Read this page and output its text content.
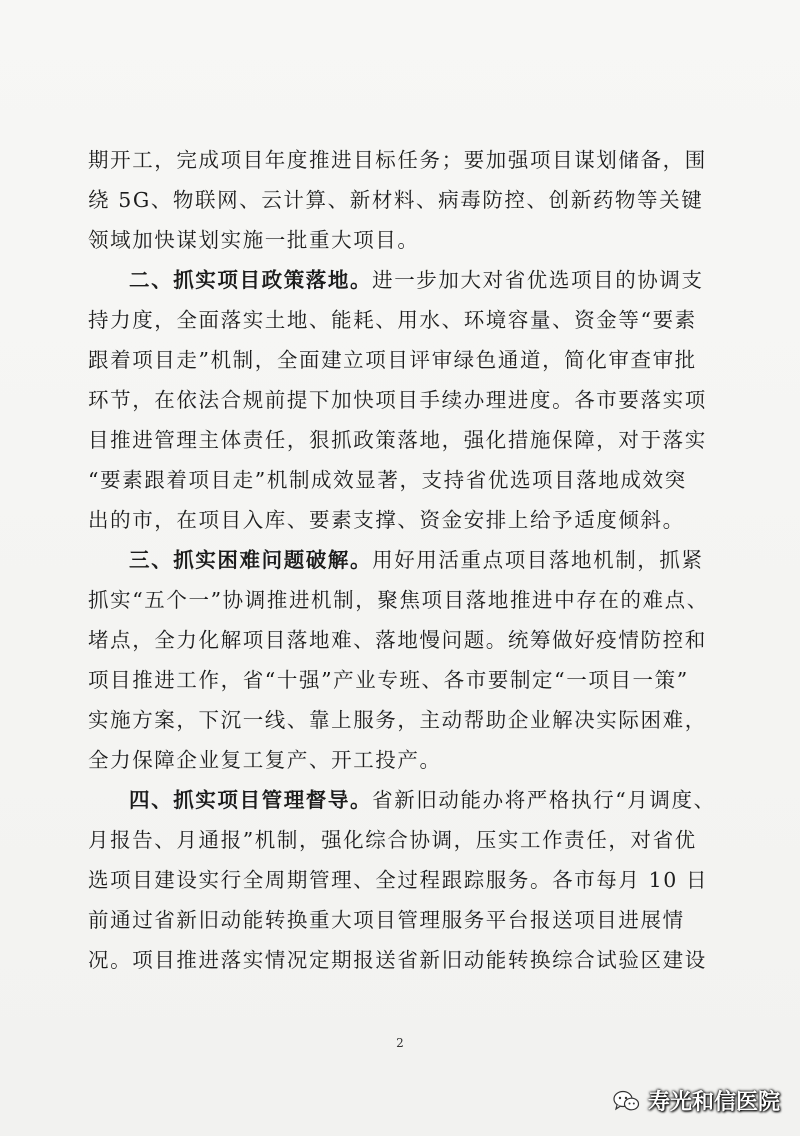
期开工，完成项目年度推进目标任务；要加强项目谋划储备，围
绕 5G、物联网、云计算、新材料、病毒防控、创新药物等关键
领域加快谋划实施一批重大项目。
二、抓实项目政策落地。进一步加大对省优选项目的协调支
持力度，全面落实土地、能耗、用水、环境容量、资金等“要素
跟着项目走”机制，全面建立项目评审绿色通道，简化审查审批
环节，在依法合规前提下加快项目手续办理进度。各市要落实项
目推进管理主体责任，狠抓政策落地，强化措施保障，对于落实
“要素跟着项目走”机制成效显著，支持省优选项目落地成效突
出的市，在项目入库、要素支撑、资金安排上给予适度倾斜。
三、抓实困难问题破解。用好用活重点项目落地机制，抓紧
抓实“五个一”协调推进机制，聚焦项目落地推进中存在的难点、
堵点，全力化解项目落地难、落地慢问题。统筹做好疫情防控和
项目推进工作，省“十强”产业专班、各市要制定“一项目一策”
实施方案，下沉一线、靠上服务，主动帮助企业解决实际困难，
全力保障企业复工复产、开工投产。
四、抓实项目管理督导。省新旧动能办将严格执行“月调度、
月报告、月通报”机制，强化综合协调，压实工作责任，对省优
选项目建设实行全周期管理、全过程跟踪服务。各市每月 10 日
前通过省新旧动能转换重大项目管理服务平台报送项目进展情
况。项目推进落实情况定期报送省新旧动能转换综合试验区建设
2
寿光和信医院
